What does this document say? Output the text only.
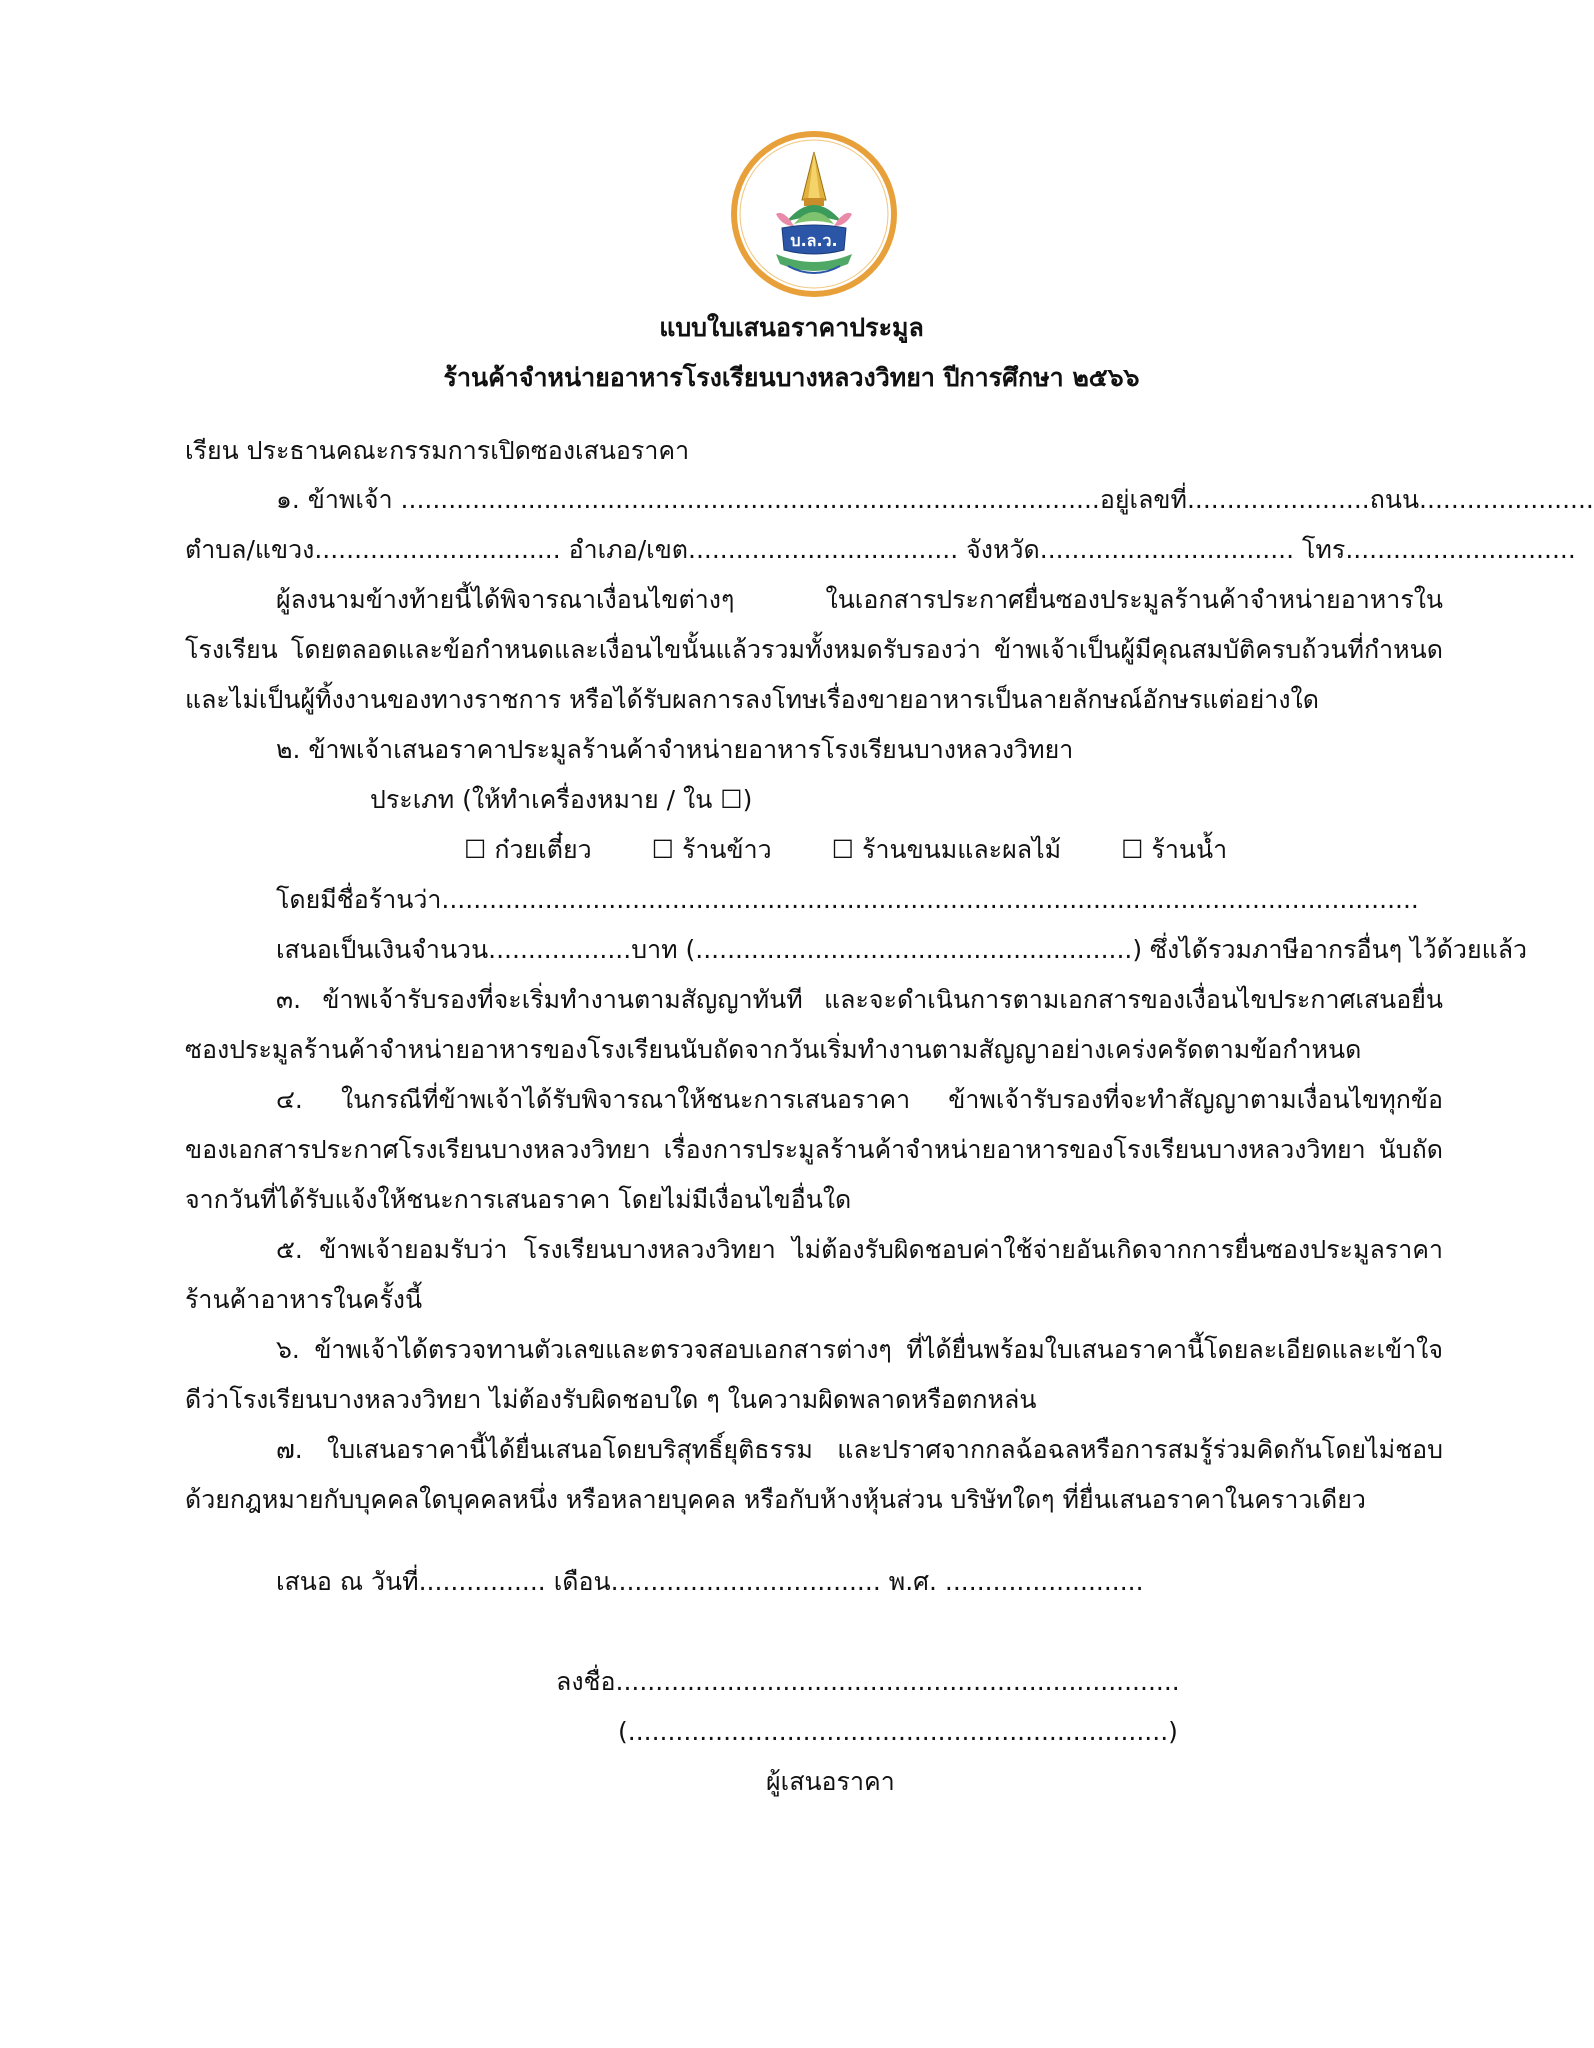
บ.ล.ว.
แบบใบเสนอราคาประมูล
ร้านค้าจำหน่ายอาหารโรงเรียนบางหลวงวิทยา ปีการศึกษา ๒๕๖๖
เรียน ประธานคณะกรรมการเปิดซองเสนอราคา
๑. ข้าพเจ้า ........................................................................................อยู่เลขที่.......................ถนน......................
ตำบล/แขวง............................... อำเภอ/เขต.................................. จังหวัด................................ โทร.............................
ผู้ลงนามข้างท้ายนี้ได้พิจารณาเงื่อนไขต่างๆ ในเอกสารประกาศยื่นซองประมูลร้านค้าจำหน่ายอาหารใน
โรงเรียน โดยตลอดและข้อกำหนดและเงื่อนไขนั้นแล้วรวมทั้งหมดรับรองว่า ข้าพเจ้าเป็นผู้มีคุณสมบัติครบถ้วนที่กำหนด
และไม่เป็นผู้ทิ้งงานของทางราชการ หรือได้รับผลการลงโทษเรื่องขายอาหารเป็นลายลักษณ์อักษรแต่อย่างใด
๒. ข้าพเจ้าเสนอราคาประมูลร้านค้าจำหน่ายอาหารโรงเรียนบางหลวงวิทยา
ประเภท (ให้ทำเครื่องหมาย / ใน ☐)
☐ ก๋วยเตี๋ยว ☐ ร้านข้าว ☐ ร้านขนมและผลไม้ ☐ ร้านน้ำ
โดยมีชื่อร้านว่า...........................................................................................................................
เสนอเป็นเงินจำนวน..................บาท (.......................................................) ซึ่งได้รวมภาษีอากรอื่นๆ ไว้ด้วยแล้ว
๓. ข้าพเจ้ารับรองที่จะเริ่มทำงานตามสัญญาทันที และจะดำเนินการตามเอกสารของเงื่อนไขประกาศเสนอยื่น
ซองประมูลร้านค้าจำหน่ายอาหารของโรงเรียนนับถัดจากวันเริ่มทำงานตามสัญญาอย่างเคร่งครัดตามข้อกำหนด
๔. ในกรณีที่ข้าพเจ้าได้รับพิจารณาให้ชนะการเสนอราคา ข้าพเจ้ารับรองที่จะทำสัญญาตามเงื่อนไขทุกข้อ
ของเอกสารประกาศโรงเรียนบางหลวงวิทยา เรื่องการประมูลร้านค้าจำหน่ายอาหารของโรงเรียนบางหลวงวิทยา นับถัด
จากวันที่ได้รับแจ้งให้ชนะการเสนอราคา โดยไม่มีเงื่อนไขอื่นใด
๕. ข้าพเจ้ายอมรับว่า โรงเรียนบางหลวงวิทยา ไม่ต้องรับผิดชอบค่าใช้จ่ายอันเกิดจากการยื่นซองประมูลราคา
ร้านค้าอาหารในครั้งนี้
๖. ข้าพเจ้าได้ตรวจทานตัวเลขและตรวจสอบเอกสารต่างๆ ที่ได้ยื่นพร้อมใบเสนอราคานี้โดยละเอียดและเข้าใจ
ดีว่าโรงเรียนบางหลวงวิทยา ไม่ต้องรับผิดชอบใด ๆ ในความผิดพลาดหรือตกหล่น
๗. ใบเสนอราคานี้ได้ยื่นเสนอโดยบริสุทธิ์ยุติธรรม และปราศจากกลฉ้อฉลหรือการสมรู้ร่วมคิดกันโดยไม่ชอบ
ด้วยกฎหมายกับบุคคลใดบุคคลหนึ่ง หรือหลายบุคคล หรือกับห้างหุ้นส่วน บริษัทใดๆ ที่ยื่นเสนอราคาในคราวเดียว
เสนอ ณ วันที่................ เดือน.................................. พ.ศ. .........................
ลงชื่อ.......................................................................
(....................................................................)
ผู้เสนอราคา
